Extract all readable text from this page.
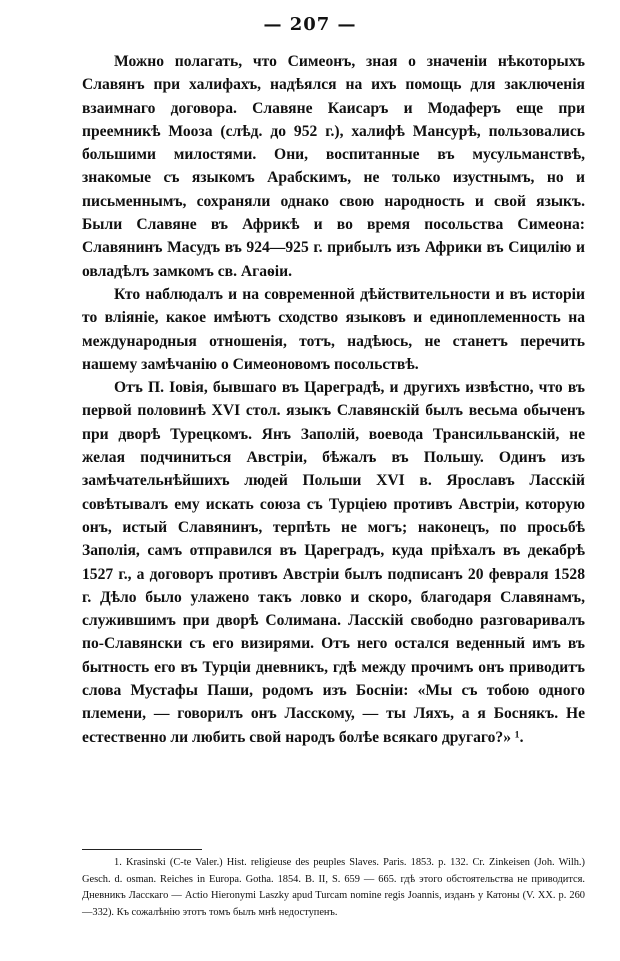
— 207 —

Можно полагать, что Симеонъ, зная о значеніи нѣкоторыхъ Славянъ при халифахъ, надѣялся на ихъ помощь для заключенія взаимнаго договора. Славяне Каисаръ и Модаферъ еще при преемникѣ Мооза (слѣд. до 952 г.), халифѣ Мансурѣ, пользовались большими милостями. Они, воспитанные въ мусульманствѣ, знакомые съ языкомъ Арабскимъ, не только изустнымъ, но и письменнымъ, сохраняли однако свою народность и свой языкъ. Были Славяне въ Африкѣ и во время посольства Симеона: Славянинъ Масудъ въ 924—925 г. прибылъ изъ Африки въ Сицилію и овладѣлъ замкомъ св. Агаѳіи.

Кто наблюдалъ и на современной дѣйствительности и въ исторіи то вліяніе, какое имѣютъ сходство языковъ и единоплеменность на международныя отношенія, тотъ, надѣюсь, не станетъ перечить нашему замѣчанію о Симеоновомъ посольствѣ.

Отъ П. Іовія, бывшаго въ Цареградѣ, и другихъ извѣстно, что въ первой половинѣ XVI стол. языкъ Славянскій былъ весьма обыченъ при дворѣ Турецкомъ. Янъ Заполій, воевода Трансильванскій, не желая подчиниться Австріи, бѣжалъ въ Польшу. Одинъ изъ замѣчательнѣйшихъ людей Польши XVI в. Ярославъ Ласскій совѣтывалъ ему искать союза съ Турціею противъ Австріи, которую онъ, истый Славянинъ, терпѣть не могъ; наконецъ, по просьбѣ Заполія, самъ отправился въ Цареградъ, куда пріѣхалъ въ декабрѣ 1527 г., а договоръ противъ Австріи былъ подписанъ 20 февраля 1528 г. Дѣло было улажено такъ ловко и скоро, благодаря Славянамъ, служившимъ при дворѣ Солимана. Ласскій свободно разговаривалъ по-Славянски съ его визирями. Отъ него остался веденный имъ въ бытность его въ Турціи дневникъ, гдѣ между прочимъ онъ приводитъ слова Мустафы Паши, родомъ изъ Босніи: «Мы съ тобою одного племени, — говорилъ онъ Ласскому, — ты Ляхъ, а я Боснякъ. Не естественно ли любить свой народъ болѣе всякаго другаго?» ¹.

1. Krasinski (C-te Valer.) Hist. religieuse des peuples Slaves. Paris. 1853. p. 132. Cr. Zinkeisen (Joh. Wilh.) Gesch. d. osman. Reiches in Europa. Gotha. 1854. B. II, S. 659 — 665. гдѣ этого обстоятельства не приводится. Дневникъ Ласскаго — Actio Hieronymi Laszky apud Turcam nomine regis Joannis, изданъ у Катоны (V. XX. p. 260—332). Къ сожалѣнію этотъ томъ былъ мнѣ недоступенъ.
